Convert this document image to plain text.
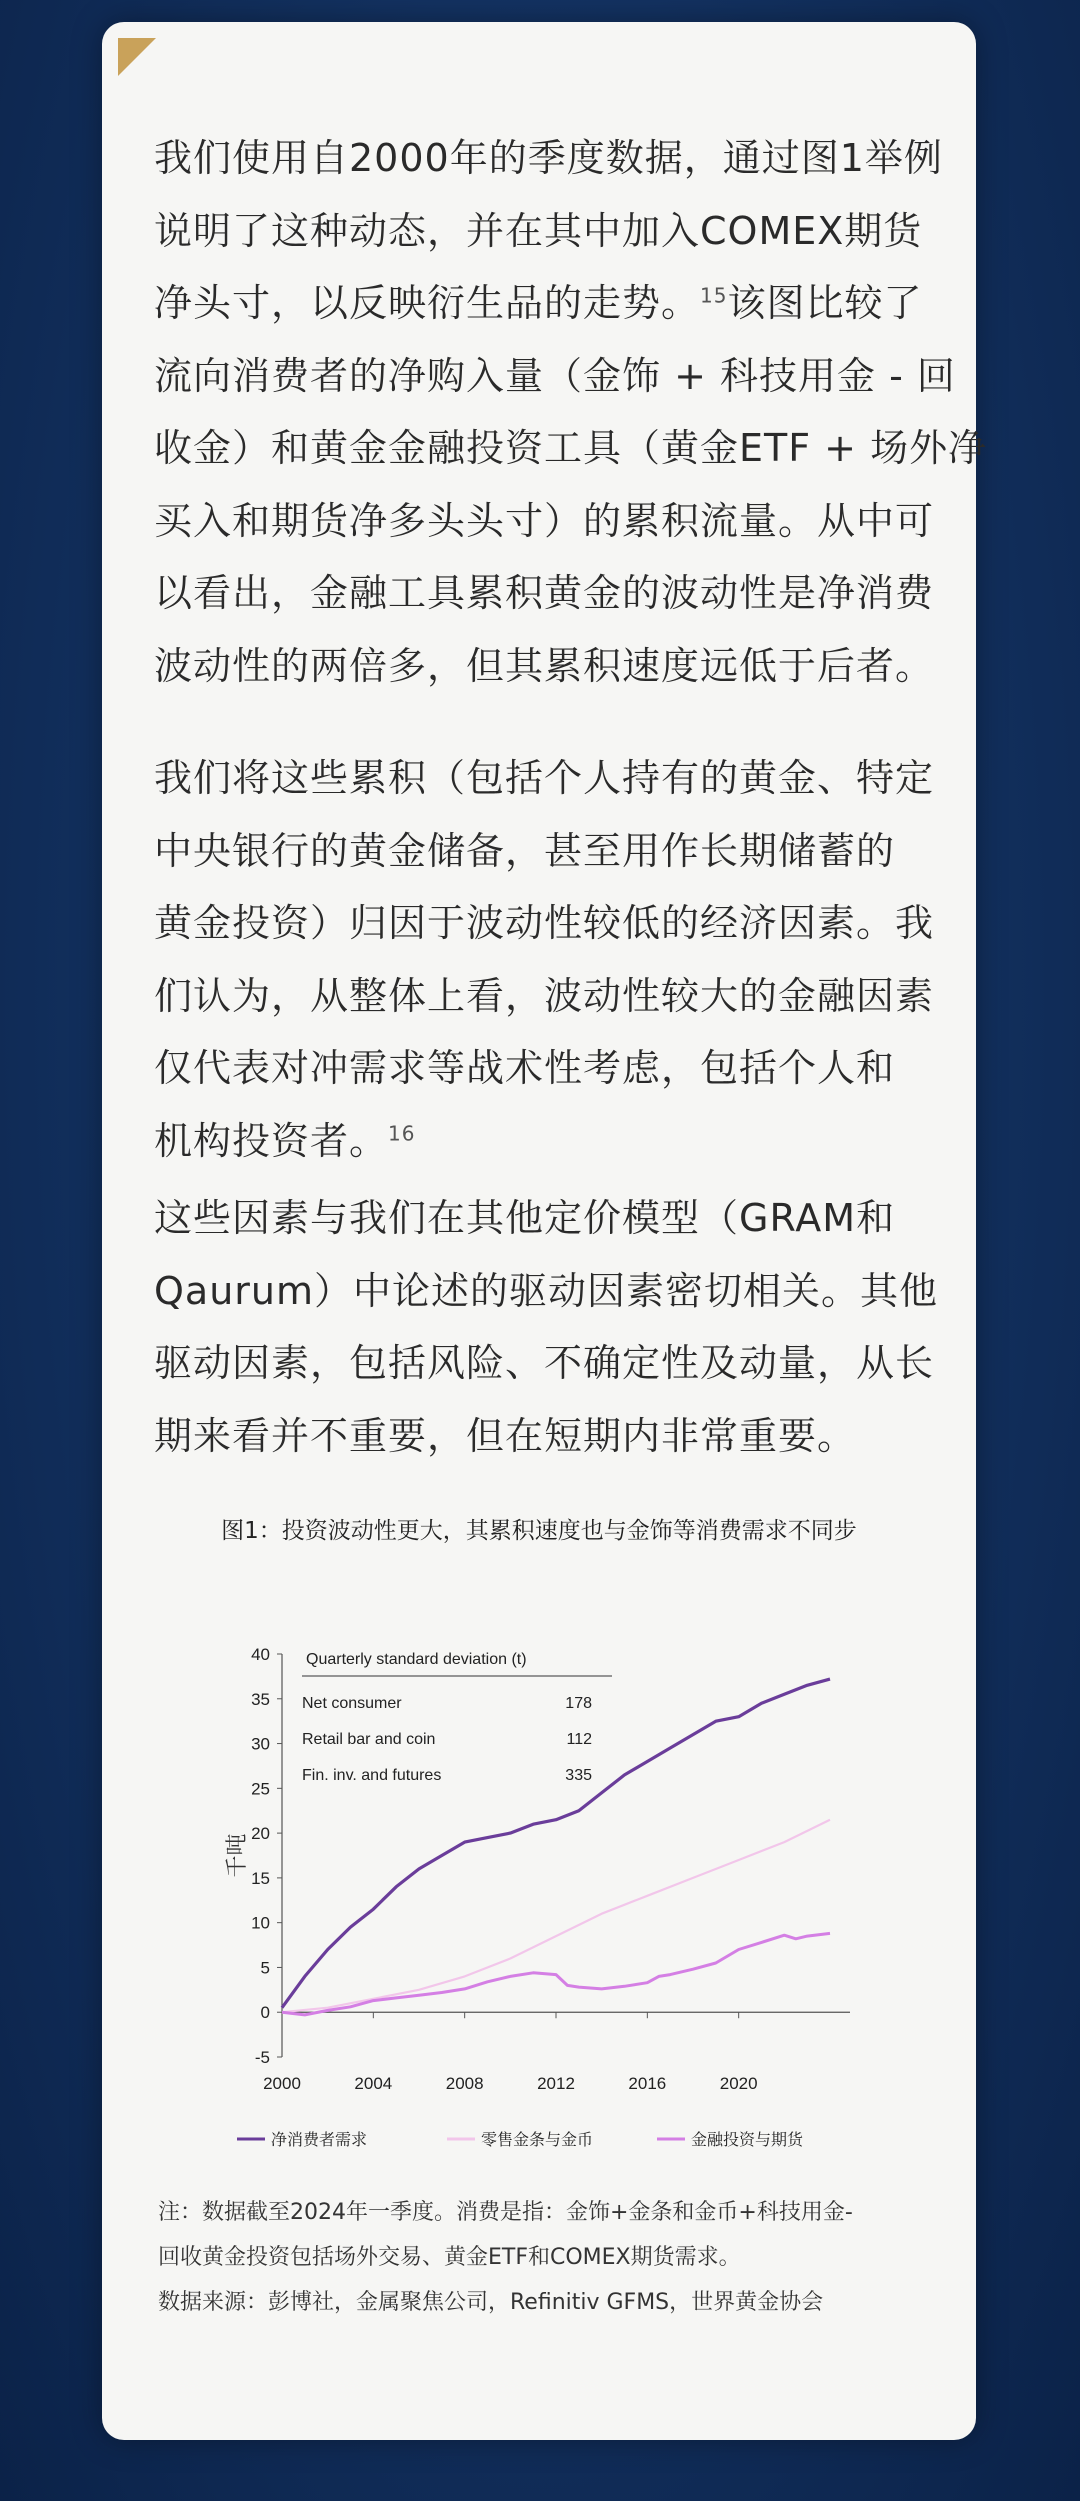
我们使用自2000年的季度数据，通过图1举例
说明了这种动态，并在其中加入COMEX期货
净头寸，以反映衍生品的走势。$^{15}$该图比较了
流向消费者的净购入量（金饰 + 科技用金 - 回
收金）和黄金金融投资工具（黄金ETF + 场外净
买入和期货净多头头寸）的累积流量。从中可
以看出，金融工具累积黄金的波动性是净消费
波动性的两倍多，但其累积速度远低于后者。
我们将这些累积（包括个人持有的黄金、特定
中央银行的黄金储备，甚至用作长期储蓄的
黄金投资）归因于波动性较低的经济因素。我
们认为，从整体上看，波动性较大的金融因素
仅代表对冲需求等战术性考虑，包括个人和
机构投资者。$^{16}$
这些因素与我们在其他定价模型（GRAM和
Qaurum）中论述的驱动因素密切相关。其他
驱动因素，包括风险、不确定性及动量，从长
期来看并不重要，但在短期内非常重要。
图1：投资波动性更大，其累积速度也与金饰等消费需求不同步
-5
0
5
10
15
20
25
30
35
40
2000	2004	2008	2012	2016	2020
千吨
Quarterly standard deviation (t)
Net consumer	178
Retail bar and coin	112
Fin. inv. and futures	335
净消费者需求	零售金条与金币	金融投资与期货
注：数据截至2024年一季度。消费是指：金饰+金条和金币+科技用金-
回收黄金投资包括场外交易、黄金ETF和COMEX期货需求。
数据来源：彭博社，金属聚焦公司，Refinitiv GFMS，世界黄金协会
